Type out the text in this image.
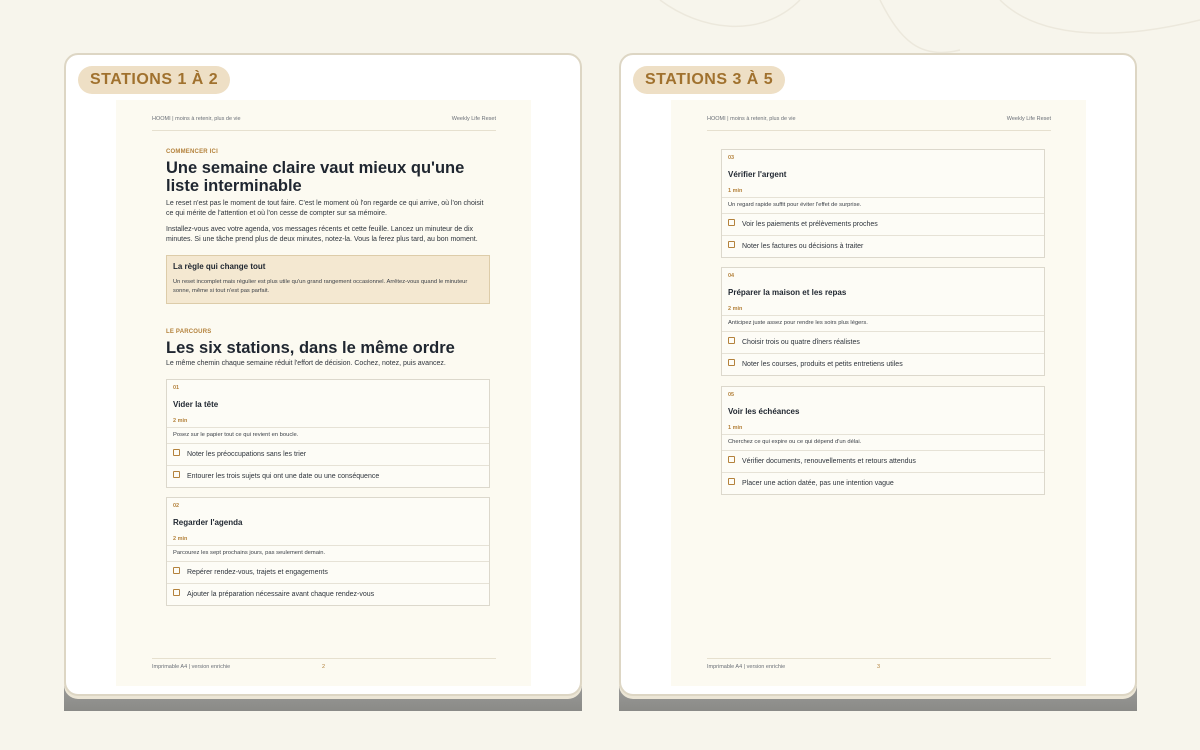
STATIONS 1 À 2
HOOMI | moins à retenir, plus de vie	Weekly Life Reset
COMMENCER ICI
Une semaine claire vaut mieux qu'une liste interminable
Le reset n'est pas le moment de tout faire. C'est le moment où l'on regarde ce qui arrive, où l'on choisit ce qui mérite de l'attention et où l'on cesse de compter sur sa mémoire.
Installez-vous avec votre agenda, vos messages récents et cette feuille. Lancez un minuteur de dix minutes. Si une tâche prend plus de deux minutes, notez-la. Vous la ferez plus tard, au bon moment.
La règle qui change tout
Un reset incomplet mais régulier est plus utile qu'un grand rangement occasionnel. Arrêtez-vous quand le minuteur sonne, même si tout n'est pas parfait.
LE PARCOURS
Les six stations, dans le même ordre
Le même chemin chaque semaine réduit l'effort de décision. Cochez, notez, puis avancez.
01
Vider la tête
2 min
Posez sur le papier tout ce qui revient en boucle.
Noter les préoccupations sans les trier
Entourer les trois sujets qui ont une date ou une conséquence
02
Regarder l'agenda
2 min
Parcourez les sept prochains jours, pas seulement demain.
Repérer rendez-vous, trajets et engagements
Ajouter la préparation nécessaire avant chaque rendez-vous
Imprimable A4 | version enrichie	2
STATIONS 3 À 5
HOOMI | moins à retenir, plus de vie	Weekly Life Reset
03
Vérifier l'argent
1 min
Un regard rapide suffit pour éviter l'effet de surprise.
Voir les paiements et prélèvements proches
Noter les factures ou décisions à traiter
04
Préparer la maison et les repas
2 min
Anticipez juste assez pour rendre les soirs plus légers.
Choisir trois ou quatre dîners réalistes
Noter les courses, produits et petits entretiens utiles
05
Voir les échéances
1 min
Cherchez ce qui expire ou ce qui dépend d'un délai.
Vérifier documents, renouvellements et retours attendus
Placer une action datée, pas une intention vague
Imprimable A4 | version enrichie	3
